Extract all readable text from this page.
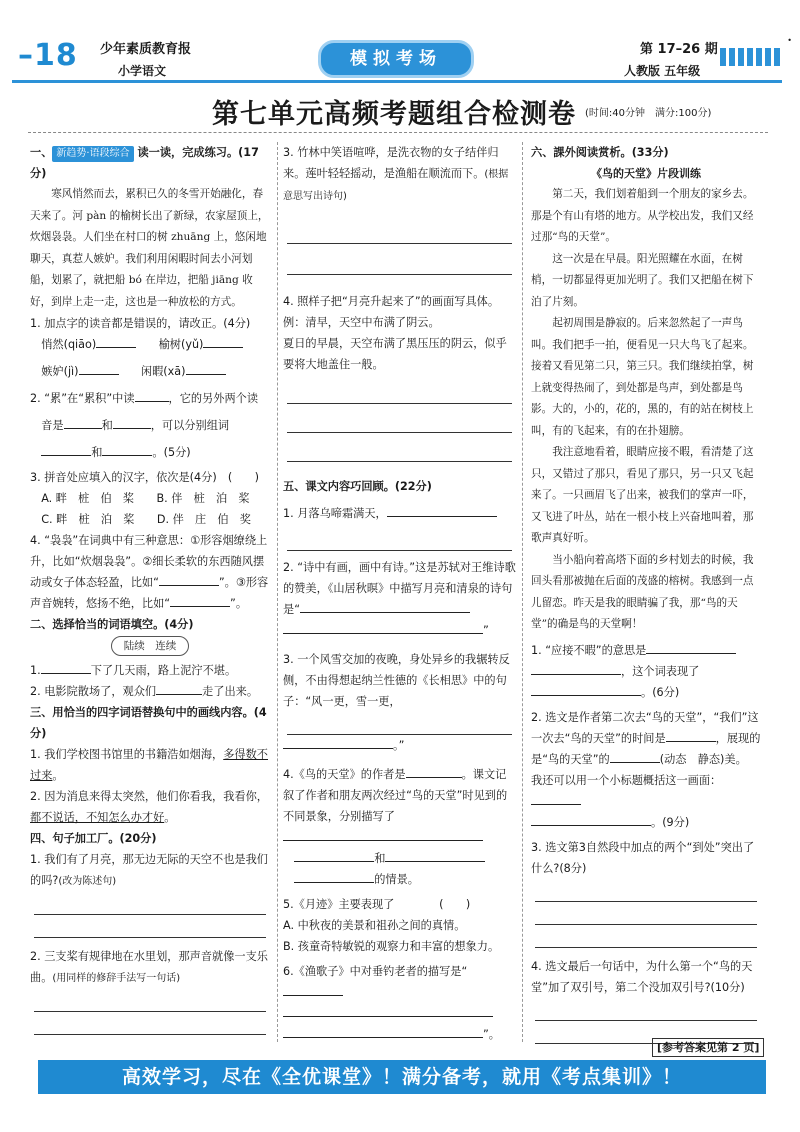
–18 少年素质教育报
小学语文
模拟考场	第 17–26 期
人教版 五年级
•
第七单元高频考题组合检测卷 (时间:40分钟　满分:100分)

一、 新趋势·语段综合 读一读，完成练习。(17分)

寒风悄然而去，累积已久的冬雪开始融化，春天来了。河 pàn 的榆树长出了新绿，农家屋顶上，炊烟袅袅。人们坐在村口的树 zhuāng 上，悠闲地聊天，真惹人嫉妒。我们利用闲暇时间去小河划船，划累了，就把船 bó 在岸边，把船 jiāng 收好，到岸上走一走，这也是一种放松的方式。

1. 加点字的读音都是错误的，请改正。(4分)

　悄然(qiāo)　　	榆树(yǔ)

　嫉妒(jì)　　	闲暇(xā)

2. “累”在“累积”中读	，它的另外两个读

　音是	和	，可以分别组词

　和	。(5分)

3. 拼音处应填入的汉字，依次是(4分)　(　　)

　A. 畔　桩　伯　桨　　 B. 伴　桩　泊　桨

　C. 畔　桩　泊　桨　　 D. 伴　庄　伯　奖

4. “袅袅”在词典中有三种意思：①形容烟缭绕上升，比如“炊烟袅袅”。②细长柔软的东西随风摆动或女子体态轻盈，比如“	”。③形容声音婉转，悠扬不绝，比如“	”。

二、选择恰当的词语填空。(4分)

陆续　 连续

1.	下了几天雨，路上泥泞不堪。

2. 电影院散场了，观众们	走了出来。

三、用恰当的四字词语替换句中的画线内容。(4分)

1. 我们学校图书馆里的书籍浩如烟海，多得数不过来。

2. 因为消息来得太突然，他们你看我，我看你，都不说话，不知怎么办才好。

四、句子加工厂。(20分)

1. 我们有了月亮，那无边无际的天空不也是我们的吗?(改为陈述句)

2. 三支桨有规律地在水里划，那声音就像一支乐曲。(用同样的修辞手法写一句话)

3. 竹林中笑语喧哗，是洗衣物的女子结伴归来。莲叶轻轻摇动，是渔船在顺流而下。(根据意思写出诗句)

4. 照样子把“月亮升起来了”的画面写具体。

例：清早，天空中布满了阴云。

夏日的早晨，天空布满了黑压压的阴云，似乎要将大地盖住一般。

五、课文内容巧回顾。(22分)

1. 月落乌啼霜满天，

2. “诗中有画，画中有诗。”这是苏轼对王维诗歌的赞美，《山居秋暝》中描写月亮和清泉的诗句是“

”

3. 一个风雪交加的夜晚，身处异乡的我辗转反侧，不由得想起纳兰性德的《长相思》中的句子：“风一更，雪一更，

。”

4.《鸟的天堂》的作者是	。课文记叙了作者和朋友两次经过“鸟的天堂”时见到的不同景象，分别描写了

　和

　的情景。

5.《月迹》主要表现了　　　　	(　　)

A. 中秋夜的美景和祖孙之间的真情。

B. 孩童奇特敏锐的观察力和丰富的想象力。

6.《渔歌子》中对垂钓老者的描写是“

”。

六、課外阅读赏析。(33分)

《鸟的天堂》片段训练

第二天，我们划着船到一个朋友的家乡去。那是个有山有塔的地方。从学校出发，我们又经过那“鸟的天堂”。

这一次是在早晨。阳光照耀在水面，在树梢，一切都显得更加光明了。我们又把船在树下泊了片刻。

起初周围是静寂的。后来忽然起了一声鸟叫。我们把手一拍，便看见一只大鸟飞了起来。接着又看见第二只，第三只。我们继续拍掌，树上就变得热闹了，到处都是鸟声，到处都是鸟影。大的，小的，花的，黑的，有的站在树枝上叫，有的飞起来，有的在扑翅膀。

我注意地看着，眼睛应接不暇，看清楚了这只，又错过了那只，看见了那只，另一只又飞起来了。一只画眉飞了出来，被我们的掌声一吓，又飞进了叶丛，站在一根小枝上兴奋地叫着，那歌声真好听。

当小船向着高塔下面的乡村划去的时候，我回头看那被抛在后面的茂盛的榕树。我感到一点儿留恋。昨天是我的眼睛骗了我，那“鸟的天堂”的确是鸟的天堂啊！

1. “应接不暇”的意思是

，这个词表现了

。(6分)

2. 选文是作者第二次去“鸟的天堂”，“我们”这一次去“鸟的天堂”的时间是	，展现的是“鸟的天堂”的	(动态　静态)美。

我还可以用一个小标题概括这一画面：

。(9分)

3. 选文第3自然段中加点的两个“到处”突出了什么?(8分)

4. 选文最后一句话中，为什么第一个“鸟的天堂”加了双引号，第二个没加双引号?(10分)

[参考答案见第 2 页]
高效学习，尽在《全优课堂》！满分备考，就用《考点集训》！
